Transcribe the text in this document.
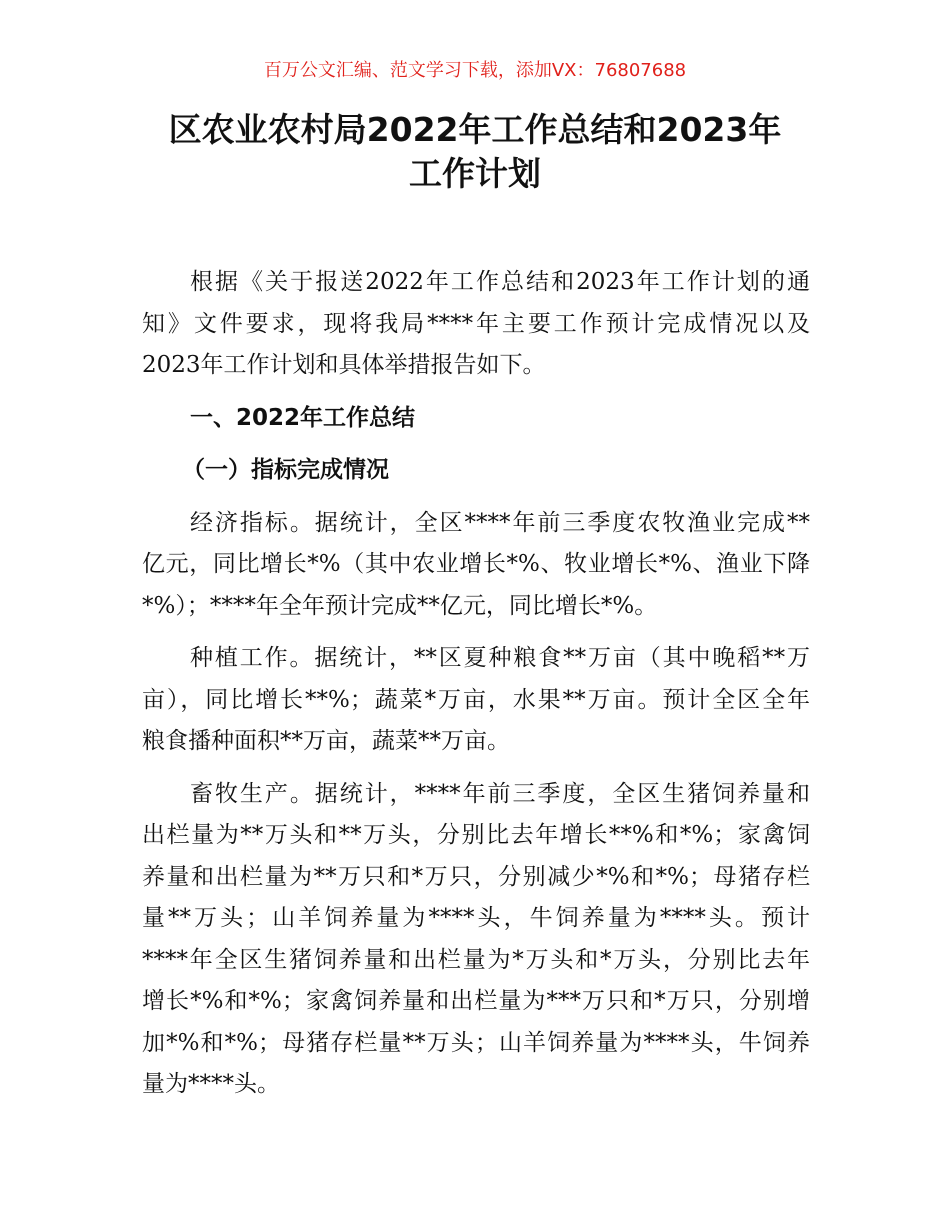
百万公文汇编、范文学习下载，添加VX：76807688
区农业农村局2022年工作总结和2023年
工作计划
根据《关于报送2022年工作总结和2023年工作计划的通
知》文件要求，现将我局****年主要工作预计完成情况以及
2023年工作计划和具体举措报告如下。
一、2022年工作总结
（一）指标完成情况
经济指标。据统计，全区****年前三季度农牧渔业完成**
亿元，同比增长*%（其中农业增长*%、牧业增长*%、渔业下降
*%）；****年全年预计完成**亿元，同比增长*%。
种植工作。据统计，**区夏种粮食**万亩（其中晚稻**万
亩），同比增长**%；蔬菜*万亩，水果**万亩。预计全区全年
粮食播种面积**万亩，蔬菜**万亩。
畜牧生产。据统计，****年前三季度，全区生猪饲养量和
出栏量为**万头和**万头，分别比去年增长**%和*%；家禽饲
养量和出栏量为**万只和*万只，分别减少*%和*%；母猪存栏
量**万头；山羊饲养量为****头，牛饲养量为****头。预计
****年全区生猪饲养量和出栏量为*万头和*万头，分别比去年
增长*%和*%；家禽饲养量和出栏量为***万只和*万只，分别增
加*%和*%；母猪存栏量**万头；山羊饲养量为****头，牛饲养
量为****头。
